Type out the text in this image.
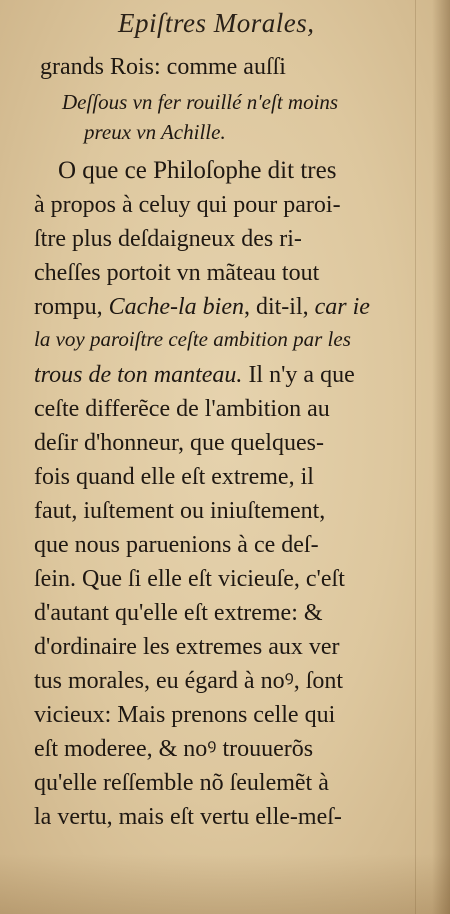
Epiſtres Morales,
grands Rois: comme auſſi
Deſſous vn fer rouillé n'eſt moins
preux vn Achille.
O que ce Philoſophe dit tres
à propos à celuy qui pour paroi-
ſtre plus deſdaigneux des ri-
cheſſes portoit vn mãteau tout
rompu, Cache-la bien, dit-il, car ie
la voy paroiſtre ceſte ambition par les
trous de ton manteau. Il n'y a que
ceſte differẽce de l'ambition au
deſir d'honneur, que quelques-
fois quand elle eſt extreme, il
faut, iuſtement ou iniuſtement,
que nous paruenions à ce deſ-
ſein. Que ſi elle eſt vicieuſe, c'eſt
d'autant qu'elle eſt extreme: &
d'ordinaire les extremes aux ver
tus morales, eu égard à noꝰ, ſont
vicieux: Mais prenons celle qui
eſt moderee, & noꝰ trouuerõs
qu'elle reſſemble nõ ſeulemẽt à
la vertu, mais eſt vertu elle-meſ-
